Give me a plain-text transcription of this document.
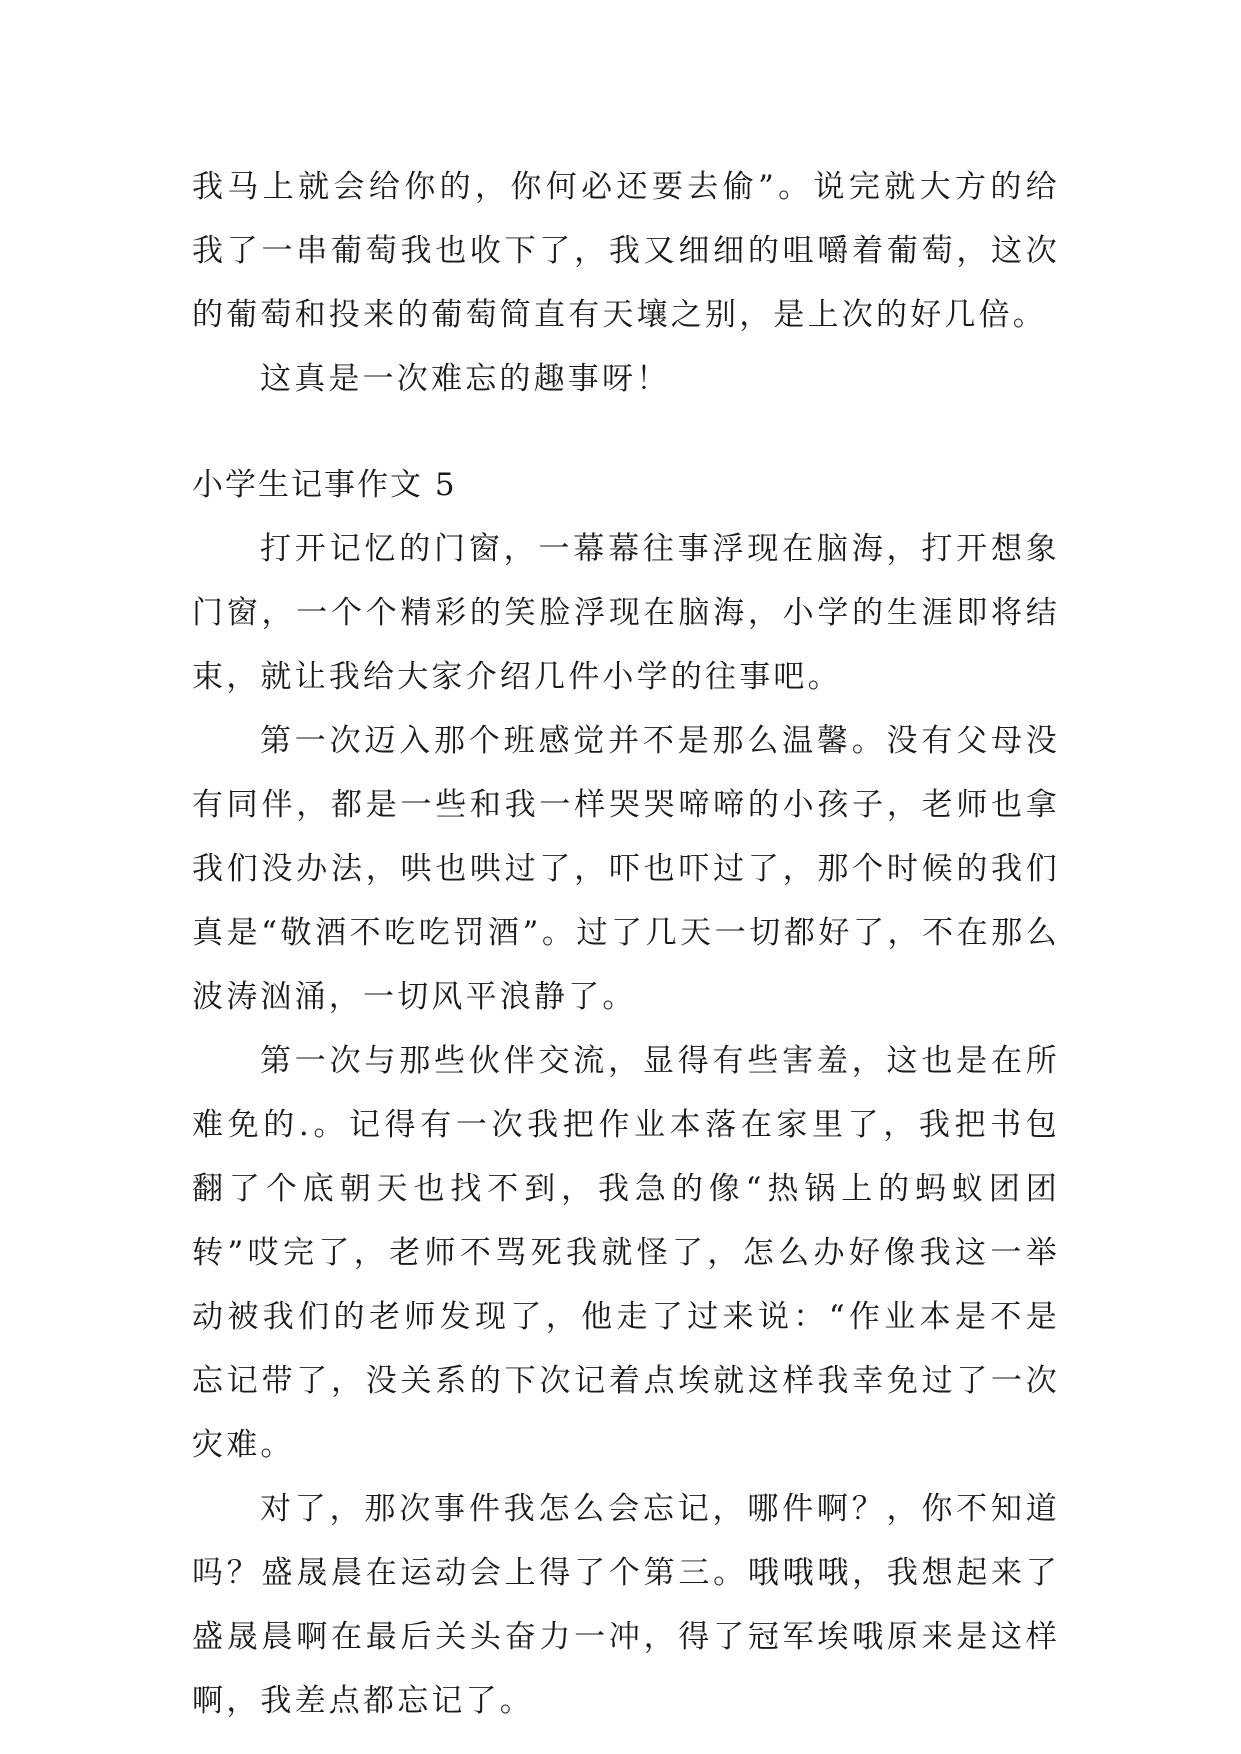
我马上就会给你的，你何必还要去偷”。说完就大方的给我了一串葡萄我也收下了，我又细细的咀嚼着葡萄，这次的葡萄和投来的葡萄简直有天壤之别，是上次的好几倍。

这真是一次难忘的趣事呀！

小学生记事作文 5

打开记忆的门窗，一幕幕往事浮现在脑海，打开想象门窗，一个个精彩的笑脸浮现在脑海，小学的生涯即将结束，就让我给大家介绍几件小学的往事吧。

第一次迈入那个班感觉并不是那么温馨。没有父母没有同伴，都是一些和我一样哭哭啼啼的小孩子，老师也拿我们没办法，哄也哄过了，吓也吓过了，那个时候的我们真是“敬酒不吃吃罚酒”。过了几天一切都好了，不在那么波涛汹涌，一切风平浪静了。

第一次与那些伙伴交流，显得有些害羞，这也是在所难免的.。记得有一次我把作业本落在家里了，我把书包翻了个底朝天也找不到，我急的像“热锅上的蚂蚁团团转”哎完了，老师不骂死我就怪了，怎么办好像我这一举动被我们的老师发现了，他走了过来说：“作业本是不是忘记带了，没关系的下次记着点埃就这样我幸免过了一次灾难。

对了，那次事件我怎么会忘记，哪件啊？，你不知道吗？盛晟晨在运动会上得了个第三。哦哦哦，我想起来了盛晟晨啊在最后关头奋力一冲，得了冠军埃哦原来是这样啊，我差点都忘记了。
